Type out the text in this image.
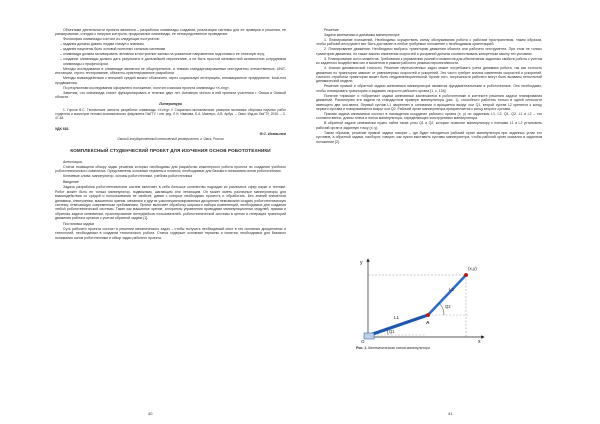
Объектами деятельности проекта являются – разработка олимпиады создания, реализация системы для ее проверки и решения, ее ранжирование, стендах к нагрузке контроля, продолжение олимпиады, ее непосредственное проведение.

Философия олимпиады состоит из следующих постулатов:

– задания должны давать людям стимул к знаниям,

– задания нацелены быть основой полезных сильным системам

– олимпиада должна мотивировать человека в построение заново на указанные направления подготовки к ее отличную игру,

– создание олимпиады должно дать результаты в дальнейшей перспективе, а не быть простой меновостной активностью сотрудников олимпиады с профессором.

Методы исследования в олимпиаде являются не общепринятые, а темами стандартизированные инструменты отечественных: UNIT-инстанции, строго-тестирование, объектно-ориентированное разработки.

Методы взаимодействия с внешней средой можно обозначить через социальную интеграцию, инновационное предприятие, local-end продвижения.

По результатам исследования оформлено положение, логотип и миссия проекта олимпиады «X-ring».

Заметим, что олимпиада станет функционировать в течение двух лет. Активную честью в ней приняли участники г. Омска и Омской области.

Литература

1. Горлов В.С. Технические аспекты разработки олимпиады «X-ring» // Социально-экономические развития экономики сборника научных работ студентов и магистров технико-экономического факультета ОмГТУ / отв. ред. Л.Н. Иванова, Б.А. Мазнеро, А.В. Арбук. – Омск: Изд-во ОмГТУ, 2015. – С. 47-48.

УДК 681

Ф.С. Исмаилов

Омский государственный технический университет, г. Омск, Россия

КОМПЛЕКСНЫЙ СТУДЕНЧЕСКИЙ ПРОЕКТ ДЛЯ ИЗУЧЕНИЯ ОСНОВ РОБОТОТЕХНИКИ

Аннотация.

Статья посвящена обзору задач решения которых необходимы для разработки инженерного робота проекта по созданию учебного робототехнического комплекса. Представлены основные термины и понятия, необходимые для базового понимания основ робототехники.

Ключевые слова: манипулятор, основы робототехники, учебная робототехника

Введение

Задача разработки робототехнических систем включает в себя большое количество подзадач из различных сфер науки и техники. Робот может быть не только манипулятор, подвижным, шагающим или летающим. Он может иметь различные манипуляторы для взаимодействия со средой и использования ее свойств, давая с которых необходимо прочесть и обработать. Без знаний элементов динамики, электроники, машинного зрения, механики и других узкоспециализированных дисциплин невозможно создать робототехническую систему, отвечающую современным требованиям. Проект включает обработку широкого набора компетенций, необходимых для создания любой робототехнической системы. Такие как машинное зрение, алгоритмы управления приводами манипуляционных модулей, прямая и обратная задачи кинематики, проектирование интерфейсов пользователей, робототехнической системы в целом и генерация траекторий движения рабочих органов с учетом обратной задачи [1].

Постановка задачи

Суть рабочего проекта состоит в решении механического задач – чтобы получить необходимый опыт в тех основных дисциплинах и технологий, необходимых в создании технического робота. Статья содержит основные термины и понятия, необходимых для базового понимания основ робототехники и обзор задач рабочего проекта.

40

Решение

Задачи кинематики и динамики манипулятора:

1. Планирование положений. Необходимо осуществить схему обслуживания робота с рабочим пространством, таким образом, чтобы рабочий инструмент мог быть доставлен в любое требуемое положение с необходимым ориентацией.

2. Планирование движения. Необходимо выбрать траекторию движения объекта или рабочего инструмента. При этом не только траектории движения, но также законы изменения скоростей и ускорений должны соответствовать конкретным закону тех условиях.

3. Планирование сил и моментов. Требования к управлению усилий и моментов для обеспечения заданных свойств робота с учетом их заданного воздействия сил и моментов в рамках рабочего режима перспективности.

4. Анализ динамической точности. Решение перечисленных задач может потребовать учета динамики робота, так как точность движения по траектории зависит от равномерных скоростей и ускорений. Это часто требует анализ изменения скоростей и ускорений, точность отработки траектории может быть неудовлетворительной. Кроме того, погрешности рабочего могут быть вызваны неполнотой динамической модели.

Решение прямой и обратной задачи кинематики манипулятора являются фундаментальными в робототехнике. Оно необходимо, чтобы планировать траекторию и задавать скорости рабочего органа [1, с. 134].

Понятие «прямая» и «обратная» задачи кинематики заключаются в робототехнике в контексте решения задачи планирования движений. Рассмотрим эти задачи на стандартном примере манипулятора (рис. 1), способного работать только в одной плоскости имеющего две оси-звена. Первый сустав L1 закреплен в основании и вращается вокруг оси Q1, второй сустав L2 крепится к концу первого сустава и поворачивается вокруг оси Q2. Рабочий орган манипулятора прикрепляется к концу второго сустава.

Прямая задача кинематики состоит в нахождении координат рабочего органа (x, y) по заданным L1, L2, Q1, Q2. L1 и L2 – это соответственно, длины плеча и плеча манипулятора, определяющее конструктивно манипулятора.

В обратной задаче кинематики нужно найти такие углы Q1 и Q2, которые позволят манипулятору с плечами L1 и L2 установить рабочий орган в заданную точку (x, y).

Таким образом, решение прямой задачи говорит – где будет находиться рабочий орган манипулятора при заданных углах его суставов, а обратной задачи, наоборот, говорит, как нужно выставить суставы манипулятора, чтобы рабочий орган оказался в заданном положении [2].

y
x
(x,y)
L1
L2
Q1
Q2
A
O
Рис. 1. Кинематическая схема манипулятора
41
